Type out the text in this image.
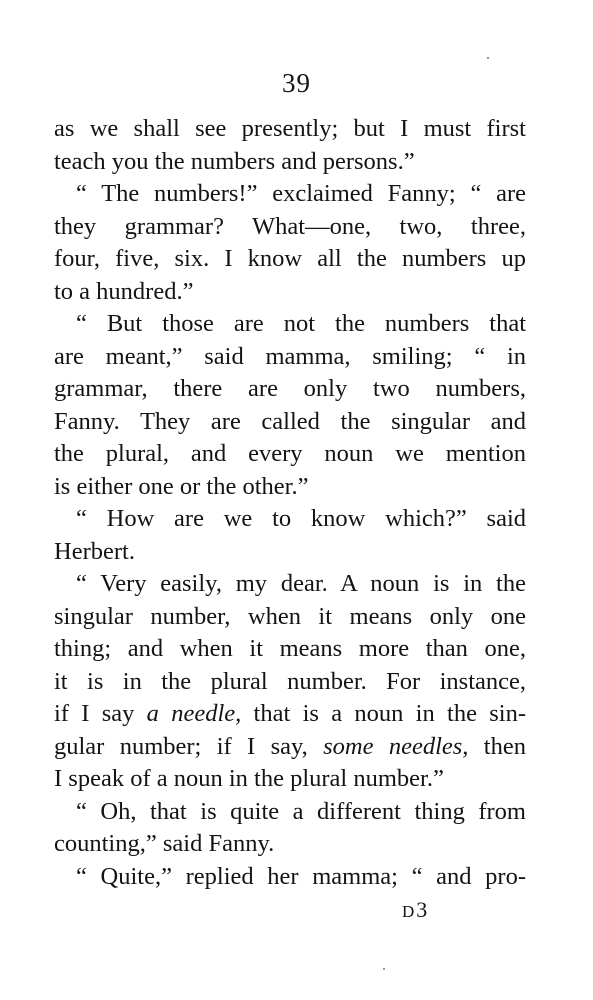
39
as we shall see presently; but I must first
teach you the numbers and persons.”
“ The numbers!” exclaimed Fanny; “ are
they grammar? What—one, two, three,
four, five, six. I know all the numbers up
to a hundred.”
“ But those are not the numbers that
are meant,” said mamma, smiling; “ in
grammar, there are only two numbers,
Fanny. They are called the singular and
the plural, and every noun we mention
is either one or the other.”
“ How are we to know which?” said
Herbert.
“ Very easily, my dear. A noun is in the
singular number, when it means only one
thing; and when it means more than one,
it is in the plural number. For instance,
if I say a needle, that is a noun in the sin-
gular number; if I say, some needles, then
I speak of a noun in the plural number.”
“ Oh, that is quite a different thing from
counting,” said Fanny.
“ Quite,” replied her mamma; “ and pro-
D3
